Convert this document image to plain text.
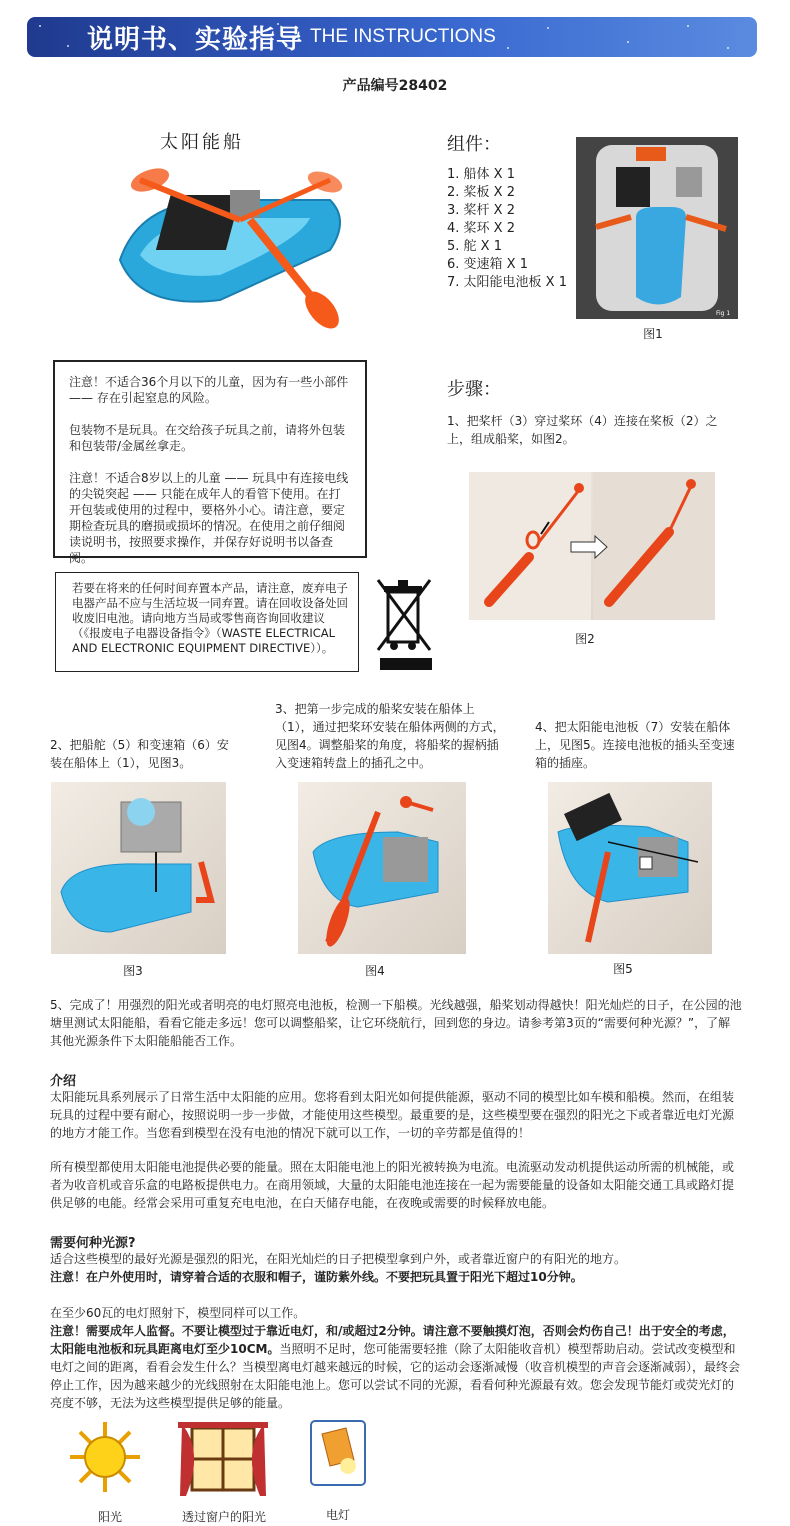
说明书、实验指导 THE INSTRUCTIONS
产品编号28402
太阳能船	组件：
1. 船体 X 1
2. 桨板 X 2
3. 桨杆 X 2
4. 桨环 X 2
5. 舵 X 1
6. 变速箱 X 1
7. 太阳能电池板 X 1
Fig 1
图1

注意！不适合36个月以下的儿童，因为有一些小部件 —— 存在引起窒息的风险。

包装物不是玩具。在交给孩子玩具之前，请将外包装和包装带/金属丝拿走。

注意！不适合8岁以上的儿童 —— 玩具中有连接电线的尖锐突起 —— 只能在成年人的看管下使用。在打开包装或使用的过程中，要格外小心。请注意，要定期检查玩具的磨损或损坏的情况。在使用之前仔细阅读说明书，按照要求操作，并保存好说明书以备查阅。

若要在将来的任何时间弃置本产品，请注意，废弃电子电器产品不应与生活垃圾一同弃置。请在回收设备处回收废旧电池。请向地方当局或零售商咨询回收建议（《报废电子电器设备指令》（WASTE ELECTRICAL AND ELECTRONIC EQUIPMENT DIRECTIVE））。
步骤：
1、把桨杆（3）穿过桨环（4）连接在桨板（2）之上，组成船桨，如图2。
图2
2、把船舵（5）和变速箱（6）安装在船体上（1），见图3。
3、把第一步完成的船桨安装在船体上（1），通过把桨环安装在船体两侧的方式，见图4。调整船桨的角度，将船桨的握柄插入变速箱转盘上的插孔之中。
4、把太阳能电池板（7）安装在船体上，见图5。连接电池板的插头至变速箱的插座。
图3	图4	图5
5、完成了！用强烈的阳光或者明亮的电灯照亮电池板，检测一下船模。光线越强，船桨划动得越快！阳光灿烂的日子，在公园的池塘里测试太阳能船，看看它能走多远！您可以调整船桨，让它环绕航行，回到您的身边。请参考第3页的“需要何种光源？”，了解其他光源条件下太阳能船能否工作。
介绍
太阳能玩具系列展示了日常生活中太阳能的应用。您将看到太阳光如何提供能源，驱动不同的模型比如车模和船模。然而，在组装玩具的过程中要有耐心，按照说明一步一步做，才能使用这些模型。最重要的是，这些模型要在强烈的阳光之下或者靠近电灯光源的地方才能工作。当您看到模型在没有电池的情况下就可以工作，一切的辛劳都是值得的！
所有模型都使用太阳能电池提供必要的能量。照在太阳能电池上的阳光被转换为电流。电流驱动发动机提供运动所需的机械能，或者为收音机或音乐盒的电路板提供电力。在商用领域，大量的太阳能电池连接在一起为需要能量的设备如太阳能交通工具或路灯提供足够的电能。经常会采用可重复充电电池，在白天储存电能，在夜晚或需要的时候释放电能。
需要何种光源?
适合这些模型的最好光源是强烈的阳光，在阳光灿烂的日子把模型拿到户外，或者靠近窗户的有阳光的地方。
注意！在户外使用时，请穿着合适的衣服和帽子，谨防紫外线。不要把玩具置于阳光下超过10分钟。
在至少60瓦的电灯照射下，模型同样可以工作。
注意！需要成年人监督。不要让模型过于靠近电灯，和/或超过2分钟。请注意不要触摸灯泡，否则会灼伤自己！出于安全的考虑，太阳能电池板和玩具距离电灯至少10CM。当照明不足时，您可能需要轻推（除了太阳能收音机）模型帮助启动。尝试改变模型和电灯之间的距离，看看会发生什么？当模型离电灯越来越远的时候，它的运动会逐渐减慢（收音机模型的声音会逐渐减弱），最终会停止工作，因为越来越少的光线照射在太阳能电池上。您可以尝试不同的光源，看看何种光源最有效。您会发现节能灯或荧光灯的亮度不够，无法为这些模型提供足够的能量。
阳光	透过窗户的阳光	电灯
